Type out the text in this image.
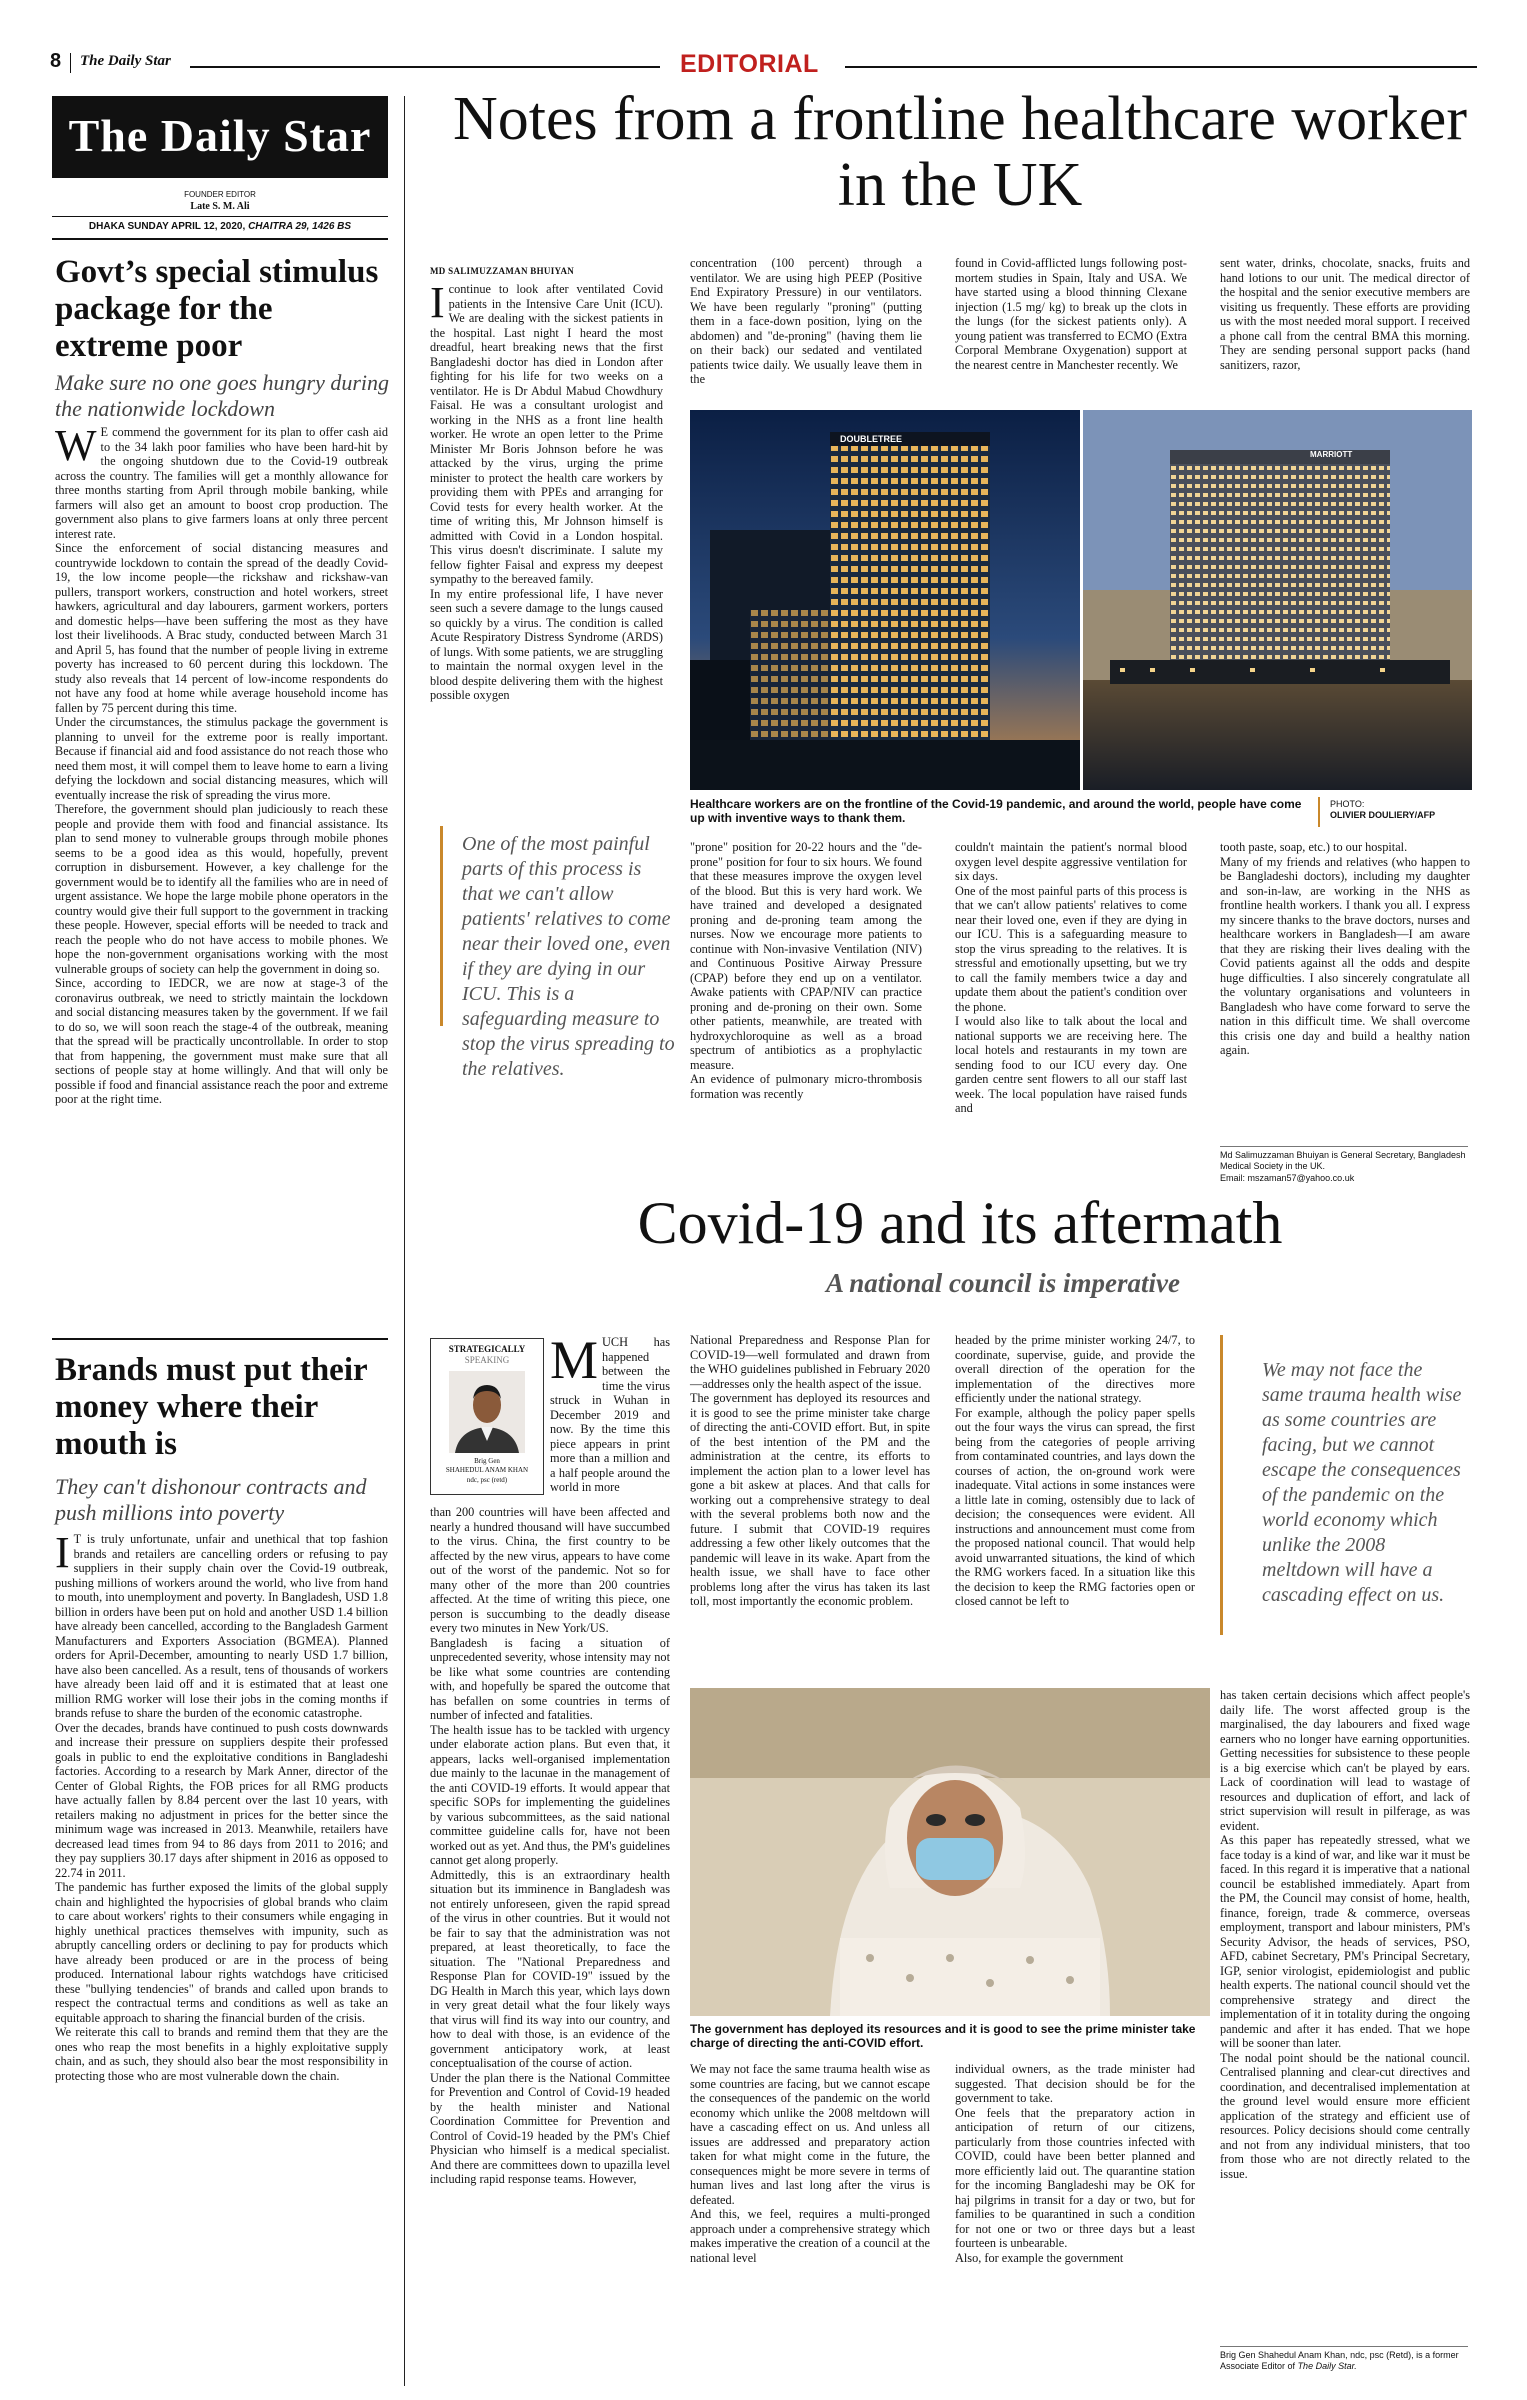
8 The Daily Star	EDITORIAL
The Daily Star
FOUNDER EDITOR
Late S. M. Ali
DHAKA SUNDAY APRIL 12, 2020, CHAITRA 29, 1426 BS
Govt’s special stimulus package for the extreme poor
Make sure no one goes hungry during the nationwide lockdown
W E commend the government for its plan to offer cash aid to the 34 lakh poor families who have been hard-hit by the ongoing shutdown due to the Covid-19 outbreak across the country. The families will get a monthly allowance for three months starting from April through mobile banking, while farmers will also get an amount to boost crop production. The government also plans to give farmers loans at only three percent interest rate.
Since the enforcement of social distancing measures and countrywide lockdown to contain the spread of the deadly Covid-19, the low income people—the rickshaw and rickshaw-van pullers, transport workers, construction and hotel workers, street hawkers, agricultural and day labourers, garment workers, porters and domestic helps—have been suffering the most as they have lost their livelihoods. A Brac study, conducted between March 31 and April 5, has found that the number of people living in extreme poverty has increased to 60 percent during this lockdown. The study also reveals that 14 percent of low-income respondents do not have any food at home while average household income has fallen by 75 percent during this time.
Under the circumstances, the stimulus package the government is planning to unveil for the extreme poor is really important. Because if financial aid and food assistance do not reach those who need them most, it will compel them to leave home to earn a living defying the lockdown and social distancing measures, which will eventually increase the risk of spreading the virus more.
Therefore, the government should plan judiciously to reach these people and provide them with food and financial assistance. Its plan to send money to vulnerable groups through mobile phones seems to be a good idea as this would, hopefully, prevent corruption in disbursement. However, a key challenge for the government would be to identify all the families who are in need of urgent assistance. We hope the large mobile phone operators in the country would give their full support to the government in tracking these people. However, special efforts will be needed to track and reach the people who do not have access to mobile phones. We hope the non-government organisations working with the most vulnerable groups of society can help the government in doing so.
Since, according to IEDCR, we are now at stage-3 of the coronavirus outbreak, we need to strictly maintain the lockdown and social distancing measures taken by the government. If we fail to do so, we will soon reach the stage-4 of the outbreak, meaning that the spread will be practically uncontrollable. In order to stop that from happening, the government must make sure that all sections of people stay at home willingly. And that will only be possible if food and financial assistance reach the poor and extreme poor at the right time.

Brands must put their money where their mouth is
They can't dishonour contracts and push millions into poverty
I T is truly unfortunate, unfair and unethical that top fashion brands and retailers are cancelling orders or refusing to pay suppliers in their supply chain over the Covid-19 outbreak, pushing millions of workers around the world, who live from hand to mouth, into unemployment and poverty. In Bangladesh, USD 1.8 billion in orders have been put on hold and another USD 1.4 billion have already been cancelled, according to the Bangladesh Garment Manufacturers and Exporters Association (BGMEA). Planned orders for April-December, amounting to nearly USD 1.7 billion, have also been cancelled. As a result, tens of thousands of workers have already been laid off and it is estimated that at least one million RMG worker will lose their jobs in the coming months if brands refuse to share the burden of the economic catastrophe.
Over the decades, brands have continued to push costs downwards and increase their pressure on suppliers despite their professed goals in public to end the exploitative conditions in Bangladeshi factories. According to a research by Mark Anner, director of the Center of Global Rights, the FOB prices for all RMG products have actually fallen by 8.84 percent over the last 10 years, with retailers making no adjustment in prices for the better since the minimum wage was increased in 2013. Meanwhile, retailers have decreased lead times from 94 to 86 days from 2011 to 2016; and they pay suppliers 30.17 days after shipment in 2016 as opposed to 22.74 in 2011.
The pandemic has further exposed the limits of the global supply chain and highlighted the hypocrisies of global brands who claim to care about workers' rights to their consumers while engaging in highly unethical practices themselves with impunity, such as abruptly cancelling orders or declining to pay for products which have already been produced or are in the process of being produced. International labour rights watchdogs have criticised these "bullying tendencies" of brands and called upon brands to respect the contractual terms and conditions as well as take an equitable approach to sharing the financial burden of the crisis.
We reiterate this call to brands and remind them that they are the ones who reap the most benefits in a highly exploitative supply chain, and as such, they should also bear the most responsibility in protecting those who are most vulnerable down the chain.

Notes from a frontline healthcare worker in the UK
MD SALIMUZZAMAN BHUIYAN
I continue to look after ventilated Covid patients in the Intensive Care Unit (ICU). We are dealing with the sickest patients in the hospital. Last night I heard the most dreadful, heart breaking news that the first Bangladeshi doctor has died in London after fighting for his life for two weeks on a ventilator. He is Dr Abdul Mabud Chowdhury Faisal. He was a consultant urologist and working in the NHS as a front line health worker. He wrote an open letter to the Prime Minister Mr Boris Johnson before he was attacked by the virus, urging the prime minister to protect the health care workers by providing them with PPEs and arranging for Covid tests for every health worker. At the time of writing this, Mr Johnson himself is admitted with Covid in a London hospital. This virus doesn't discriminate. I salute my fellow fighter Faisal and express my deepest sympathy to the bereaved family.
In my entire professional life, I have never seen such a severe damage to the lungs caused so quickly by a virus. The condition is called Acute Respiratory Distress Syndrome (ARDS) of lungs. With some patients, we are struggling to maintain the normal oxygen level in the blood despite delivering them with the highest possible oxygen

concentration (100 percent) through a ventilator. We are using high PEEP (Positive End Expiratory Pressure) in our ventilators. We have been regularly "proning" (putting them in a face-down position, lying on the abdomen) and "de-proning" (having them lie on their back) our sedated and ventilated patients twice daily. We usually leave them in the

found in Covid-afflicted lungs following post-mortem studies in Spain, Italy and USA. We have started using a blood thinning Clexane injection (1.5 mg/ kg) to break up the clots in the lungs (for the sickest patients only). A young patient was transferred to ECMO (Extra Corporal Membrane Oxygenation) support at the nearest centre in Manchester recently. We

sent water, drinks, chocolate, snacks, fruits and hand lotions to our unit. The medical director of the hospital and the senior executive members are visiting us frequently. These efforts are providing us with the most needed moral support. I received a phone call from the central BMA this morning. They are sending personal support packs (hand sanitizers, razor,

DOUBLETREE
MARRIOTT
Healthcare workers are on the frontline of the Covid-19 pandemic, and around the world, people have come up with inventive ways to thank them.
PHOTO:
OLIVIER DOULIERY/AFP
One of the most painful parts of this process is that we can't allow patients' relatives to come near their loved one, even if they are dying in our ICU. This is a safeguarding measure to stop the virus spreading to the relatives.

"prone" position for 20-22 hours and the "de-prone" position for four to six hours. We found that these measures improve the oxygen level of the blood. But this is very hard work. We have trained and developed a designated proning and de-proning team among the nurses. Now we encourage more patients to continue with Non-invasive Ventilation (NIV) and Continuous Positive Airway Pressure (CPAP) before they end up on a ventilator. Awake patients with CPAP/NIV can practice proning and de-proning on their own. Some other patients, meanwhile, are treated with hydroxychloroquine as well as a broad spectrum of antibiotics as a prophylactic measure.
An evidence of pulmonary micro-thrombosis formation was recently

couldn't maintain the patient's normal blood oxygen level despite aggressive ventilation for six days.
One of the most painful parts of this process is that we can't allow patients' relatives to come near their loved one, even if they are dying in our ICU. This is a safeguarding measure to stop the virus spreading to the relatives. It is stressful and emotionally upsetting, but we try to call the family members twice a day and update them about the patient's condition over the phone.
I would also like to talk about the local and national supports we are receiving here. The local hotels and restaurants in my town are sending food to our ICU every day. One garden centre sent flowers to all our staff last week. The local population have raised funds and

tooth paste, soap, etc.) to our hospital.
Many of my friends and relatives (who happen to be Bangladeshi doctors), including my daughter and son-in-law, are working in the NHS as frontline health workers. I thank you all. I express my sincere thanks to the brave doctors, nurses and healthcare workers in Bangladesh—I am aware that they are risking their lives dealing with the Covid patients against all the odds and despite huge difficulties. I also sincerely congratulate all the voluntary organisations and volunteers in Bangladesh who have come forward to serve the nation in this difficult time. We shall overcome this crisis one day and build a healthy nation again.

Md Salimuzzaman Bhuiyan is General Secretary, Bangladesh Medical Society in the UK.
Email: mszaman57@yahoo.co.uk
Covid-19 and its aftermath
A national council is imperative
STRATEGICALLY
SPEAKING
Brig Gen
SHAHEDUL ANAM KHAN
ndc, psc (retd)
M UCH has happened between the time the virus struck in Wuhan in December 2019 and now. By the time this piece appears in print more than a million and a half people around the world in more

than 200 countries will have been affected and nearly a hundred thousand will have succumbed to the virus. China, the first country to be affected by the new virus, appears to have come out of the worst of the pandemic. Not so for many other of the more than 200 countries affected. At the time of writing this piece, one person is succumbing to the deadly disease every two minutes in New York/US.
Bangladesh is facing a situation of unprecedented severity, whose intensity may not be like what some countries are contending with, and hopefully be spared the outcome that has befallen on some countries in terms of number of infected and fatalities.
The health issue has to be tackled with urgency under elaborate action plans. But even that, it appears, lacks well-organised implementation due mainly to the lacunae in the management of the anti COVID-19 efforts. It would appear that specific SOPs for implementing the guidelines by various subcommittees, as the said national committee guideline calls for, have not been worked out as yet. And thus, the PM's guidelines cannot get along properly.
Admittedly, this is an extraordinary health situation but its imminence in Bangladesh was not entirely unforeseen, given the rapid spread of the virus in other countries. But it would not be fair to say that the administration was not prepared, at least theoretically, to face the situation. The "National Preparedness and Response Plan for COVID-19" issued by the DG Health in March this year, which lays down in very great detail what the four likely ways that virus will find its way into our country, and how to deal with those, is an evidence of the government anticipatory work, at least conceptualisation of the course of action.
Under the plan there is the National Committee for Prevention and Control of Covid-19 headed by the health minister and National Coordination Committee for Prevention and Control of Covid-19 headed by the PM's Chief Physician who himself is a medical specialist. And there are committees down to upazilla level including rapid response teams. However,

National Preparedness and Response Plan for COVID-19—well formulated and drawn from the WHO guidelines published in February 2020—addresses only the health aspect of the issue.
The government has deployed its resources and it is good to see the prime minister take charge of directing the anti-COVID effort. But, in spite of the best intention of the PM and the administration at the centre, its efforts to implement the action plan to a lower level has gone a bit askew at places. And that calls for working out a comprehensive strategy to deal with the several problems both now and the future. I submit that COVID-19 requires addressing a few other likely outcomes that the pandemic will leave in its wake. Apart from the health issue, we shall have to face other problems long after the virus has taken its last toll, most importantly the economic problem.

headed by the prime minister working 24/7, to coordinate, supervise, guide, and provide the overall direction of the operation for the implementation of the directives more efficiently under the national strategy.
For example, although the policy paper spells out the four ways the virus can spread, the first being from the categories of people arriving from contaminated countries, and lays down the courses of action, the on-ground work were inadequate. Vital actions in some instances were a little late in coming, ostensibly due to lack of decision; the consequences were evident. All instructions and announcement must come from the proposed national council. That would help avoid unwarranted situations, the kind of which the RMG workers faced. In a situation like this the decision to keep the RMG factories open or closed cannot be left to

We may not face the same trauma health wise as some countries are facing, but we cannot escape the consequences of the pandemic on the world economy which unlike the 2008 meltdown will have a cascading effect on us.
The government has deployed its resources and it is good to see the prime minister take charge of directing the anti-COVID effort.

We may not face the same trauma health wise as some countries are facing, but we cannot escape the consequences of the pandemic on the world economy which unlike the 2008 meltdown will have a cascading effect on us. And unless all issues are addressed and preparatory action taken for what might come in the future, the consequences might be more severe in terms of human lives and last long after the virus is defeated.
And this, we feel, requires a multi-pronged approach under a comprehensive strategy which makes imperative the creation of a council at the national level

individual owners, as the trade minister had suggested. That decision should be for the government to take.
One feels that the preparatory action in anticipation of return of our citizens, particularly from those countries infected with COVID, could have been better planned and more efficiently laid out. The quarantine station for the incoming Bangladeshi may be OK for haj pilgrims in transit for a day or two, but for families to be quarantined in such a condition for not one or two or three days but a least fourteen is unbearable.
Also, for example the government

has taken certain decisions which affect people's daily life. The worst affected group is the marginalised, the day labourers and fixed wage earners who no longer have earning opportunities. Getting necessities for subsistence to these people is a big exercise which can't be played by ears. Lack of coordination will lead to wastage of resources and duplication of effort, and lack of strict supervision will result in pilferage, as was evident.
As this paper has repeatedly stressed, what we face today is a kind of war, and like war it must be faced. In this regard it is imperative that a national council be established immediately. Apart from the PM, the Council may consist of home, health, finance, foreign, trade & commerce, overseas employment, transport and labour ministers, PM's Security Advisor, the heads of services, PSO, AFD, cabinet Secretary, PM's Principal Secretary, IGP, senior virologist, epidemiologist and public health experts. The national council should vet the comprehensive strategy and direct the implementation of it in totality during the ongoing pandemic and after it has ended. That we hope will be sooner than later.
The nodal point should be the national council. Centralised planning and clear-cut directives and coordination, and decentralised implementation at the ground level would ensure more efficient application of the strategy and efficient use of resources. Policy decisions should come centrally and not from any individual ministers, that too from those who are not directly related to the issue.

Brig Gen Shahedul Anam Khan, ndc, psc (Retd), is a former Associate Editor of The Daily Star.
